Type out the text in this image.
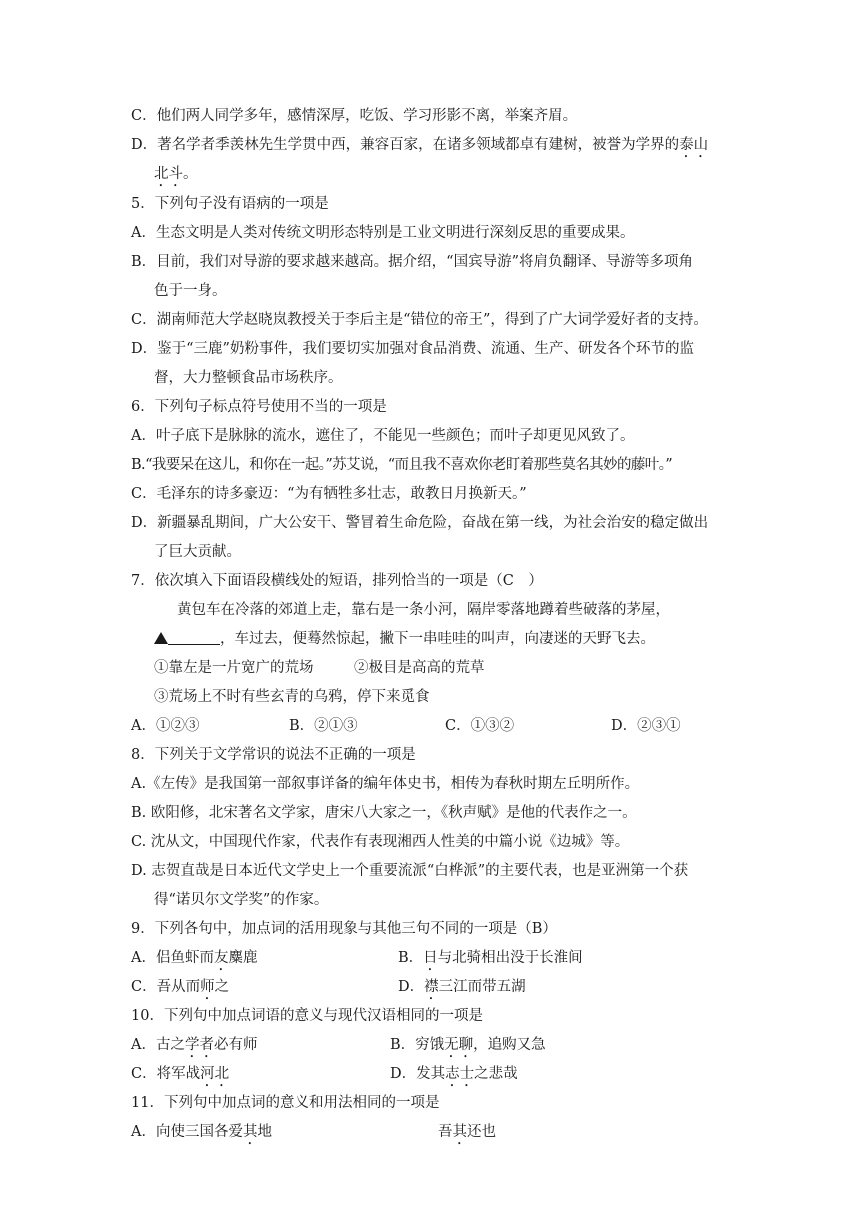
C．他们两人同学多年，感情深厚，吃饭、学习形影不离，举案齐眉。
D．著名学者季羡林先生学贯中西，兼容百家，在诸多领域都卓有建树，被誉为学界的泰山
北斗。
5．下列句子没有语病的一项是
A．生态文明是人类对传统文明形态特别是工业文明进行深刻反思的重要成果。
B．目前，我们对导游的要求越来越高。据介绍，“国宾导游”将肩负翻译、导游等多项角
色于一身。
C．湖南师范大学赵晓岚教授关于李后主是“错位的帝王”，得到了广大词学爱好者的支持。
D．鉴于“三鹿”奶粉事件，我们要切实加强对食品消费、流通、生产、研发各个环节的监
督，大力整顿食品市场秩序。
6．下列句子标点符号使用不当的一项是
A．叶子底下是脉脉的流水，遮住了，不能见一些颜色；而叶子却更见风致了。
B.“我要呆在这儿，和你在一起。”苏艾说，“而且我不喜欢你老盯着那些莫名其妙的藤叶。”
C．毛泽东的诗多豪迈：“为有牺牲多壮志，敢教日月换新天。”
D．新疆暴乱期间，广大公安干、警冒着生命危险，奋战在第一线，为社会治安的稳定做出
了巨大贡献。
7．依次填入下面语段横线处的短语，排列恰当的一项是（C　）
黄包车在冷落的郊道上走，靠右是一条小河，隔岸零落地蹲着些破落的茅屋，
，车过去，便蓦然惊起，撇下一串哇哇的叫声，向凄迷的天野飞去。
①靠左是一片宽广的荒场	②极目是高高的荒草
③荒场上不时有些玄青的乌鸦，停下来觅食
A．①②③	B．②①③	C．①③②	D．②③①
8．下列关于文学常识的说法不正确的一项是
A.《左传》是我国第一部叙事详备的编年体史书，相传为春秋时期左丘明所作。
B. 欧阳修，北宋著名文学家，唐宋八大家之一，《秋声赋》是他的代表作之一。
C. 沈从文，中国现代作家，代表作有表现湘西人性美的中篇小说《边城》等。
D. 志贺直哉是日本近代文学史上一个重要流派“白桦派”的主要代表，也是亚洲第一个获
得“诺贝尔文学奖”的作家。
9．下列各句中，加点词的活用现象与其他三句不同的一项是（B）
A．侣鱼虾而友麋鹿	B．日与北骑相出没于长淮间
C．吾从而师之	D．襟三江而带五湖
10．下列句中加点词语的意义与现代汉语相同的一项是
A．古之学者必有师	B．穷饿无聊，追购又急
C．将军战河北	D．发其志士之悲哉
11．下列句中加点词的意义和用法相同的一项是
A．向使三国各爱其地	吾其还也
